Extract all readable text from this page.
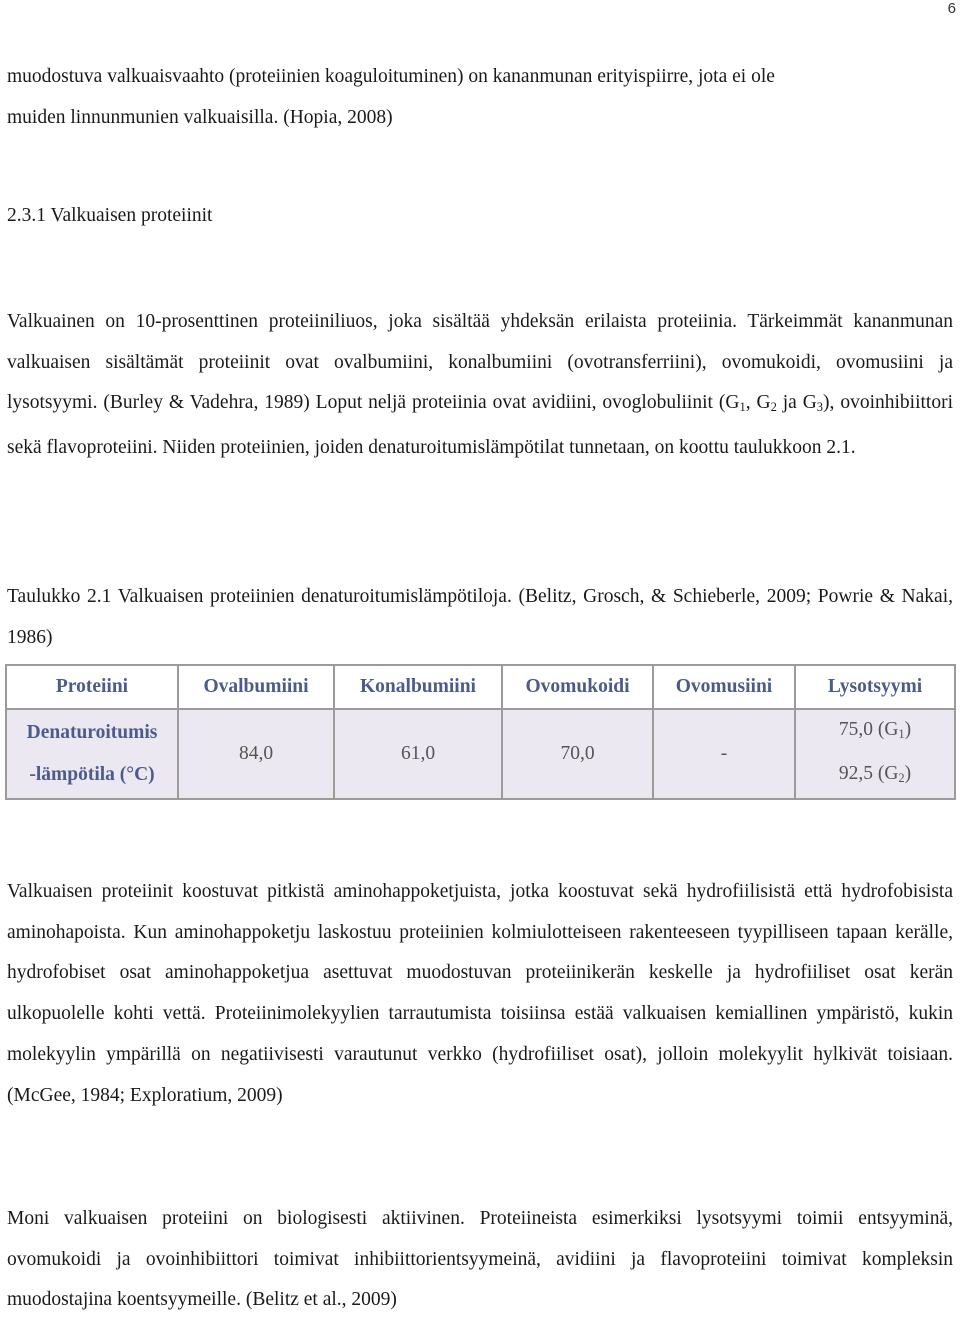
6

muodostuva valkuaisvaahto (proteiinien koaguloituminen) on kananmunan erityispiirre, jota ei ole
muiden linnunmunien valkuaisilla. (Hopia, 2008)

2.3.1 Valkuaisen proteiinit

Valkuainen on 10-prosenttinen proteiiniliuos, joka sisältää yhdeksän erilaista proteiinia. Tärkeimmät kananmunan valkuaisen sisältämät proteiinit ovat ovalbumiini, konalbumiini (ovotransferriini), ovomukoidi, ovomusiini ja lysotsyymi. (Burley & Vadehra, 1989) Loput neljä proteiinia ovat avidiini, ovoglobuliinit ($G_1$, $G_2$ ja $G_3$), ovoinhibiittori sekä flavoproteiini. Niiden proteiinien, joiden denaturoitumislämpötilat tunnetaan, on koottu taulukkoon 2.1.

Taulukko 2.1 Valkuaisen proteiinien denaturoitumislämpötiloja. (Belitz, Grosch, & Schieberle, 2009; Powrie & Nakai, 1986)
Proteiini	Ovalbumiini	Konalbumiini	Ovomukoidi	Ovomusiini	Lysotsyymi
Denaturoitumis
-lämpötila (°C)	84,0	61,0	70,0	-	75,0 $(G_1)$
92,5 $(G_2)$

Valkuaisen proteiinit koostuvat pitkistä aminohappoketjuista, jotka koostuvat sekä hydrofiilisistä että hydrofobisista aminohapoista. Kun aminohappoketju laskostuu proteiinien kolmiulotteiseen rakenteeseen tyypilliseen tapaan kerälle, hydrofobiset osat aminohappoketjua asettuvat muodostuvan proteiinikerän keskelle ja hydrofiiliset osat kerän ulkopuolelle kohti vettä. Proteiinimolekyylien tarrautumista toisiinsa estää valkuaisen kemiallinen ympäristö, kukin molekyylin ympärillä on negatiivisesti varautunut verkko (hydrofiiliset osat), jolloin molekyylit hylkivät toisiaan. (McGee, 1984; Exploratium, 2009)

Moni valkuaisen proteiini on biologisesti aktiivinen. Proteiineista esimerkiksi lysotsyymi toimii entsyyminä, ovomukoidi ja ovoinhibiittori toimivat inhibiittorientsyymeinä, avidiini ja flavoproteiini toimivat kompleksin muodostajina koentsyymeille. (Belitz et al., 2009)
